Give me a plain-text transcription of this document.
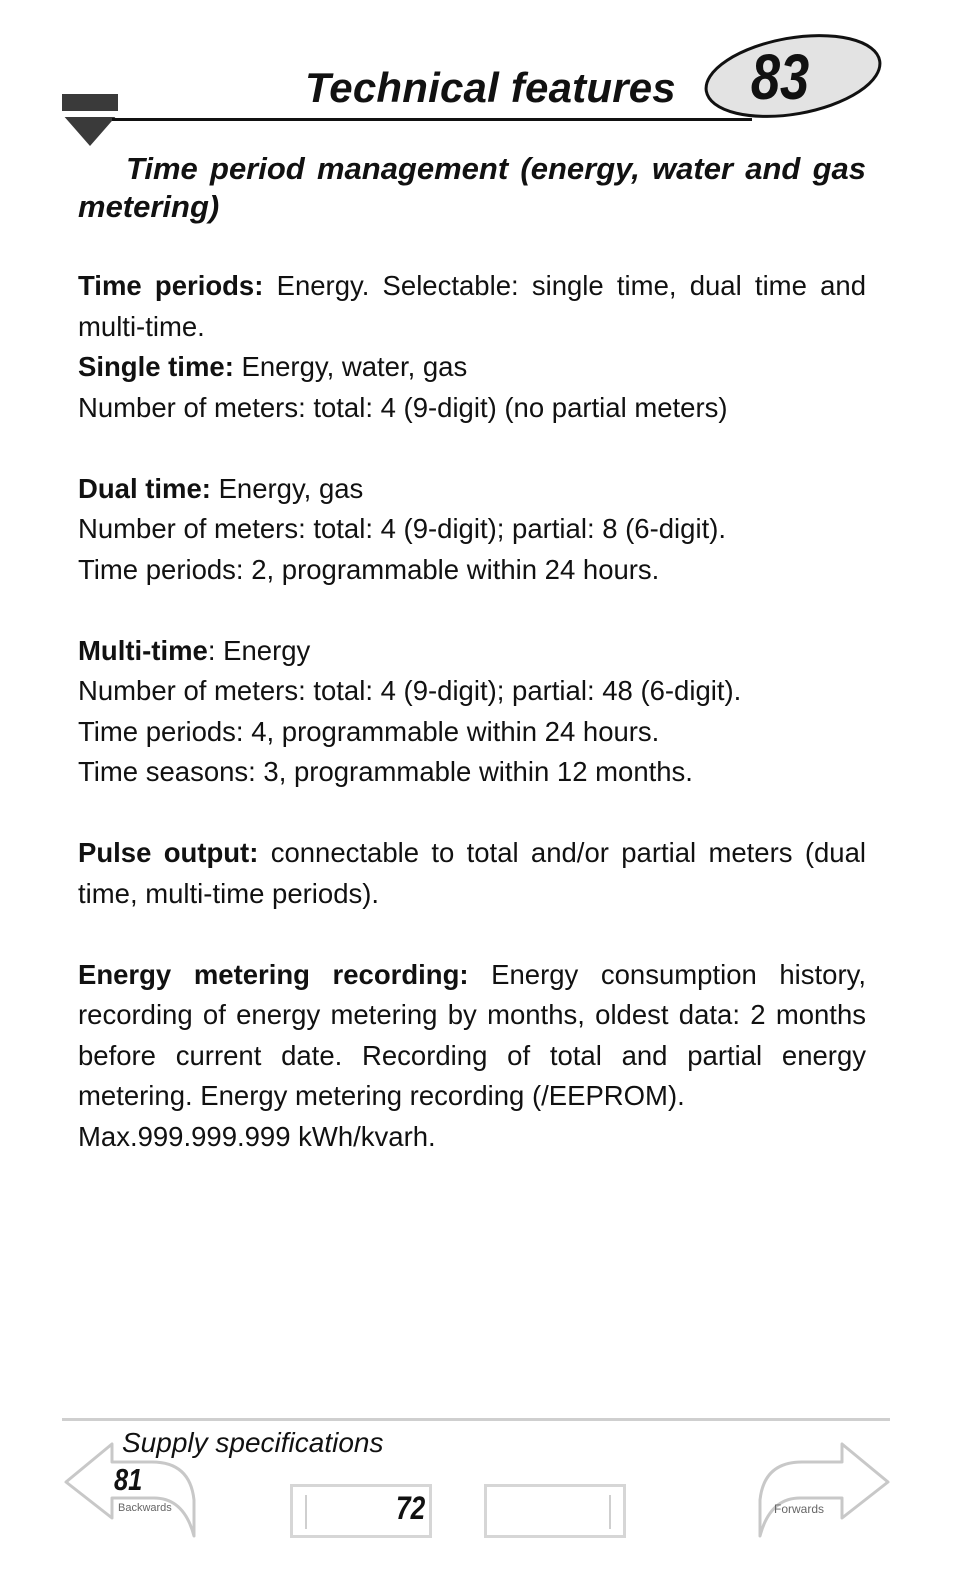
Technical features	83
Time period management (energy, water and gas metering)

Time periods: Energy. Selectable: single time, dual time and multi-time.

Single time: Energy, water, gas

Number of meters: total: 4 (9-digit) (no partial meters)

Dual time: Energy, gas

Number of meters: total: 4 (9-digit); partial: 8 (6-digit).

Time periods: 2, programmable within 24 hours.

Multi-time: Energy

Number of meters: total: 4 (9-digit); partial: 48 (6-digit).

Time periods: 4, programmable within 24 hours.

Time seasons: 3, programmable within 12 months.

Pulse output: connectable to total and/or partial meters (dual time, multi-time periods).

Energy metering recording: Energy consumption history, recording of energy metering by months, oldest data: 2 months before current date. Recording of total and partial energy metering. Energy metering recording (/EEPROM).

Max.999.999.999 kWh/kvarh.

Supply specifications
81
Backwards	72	Forwards
